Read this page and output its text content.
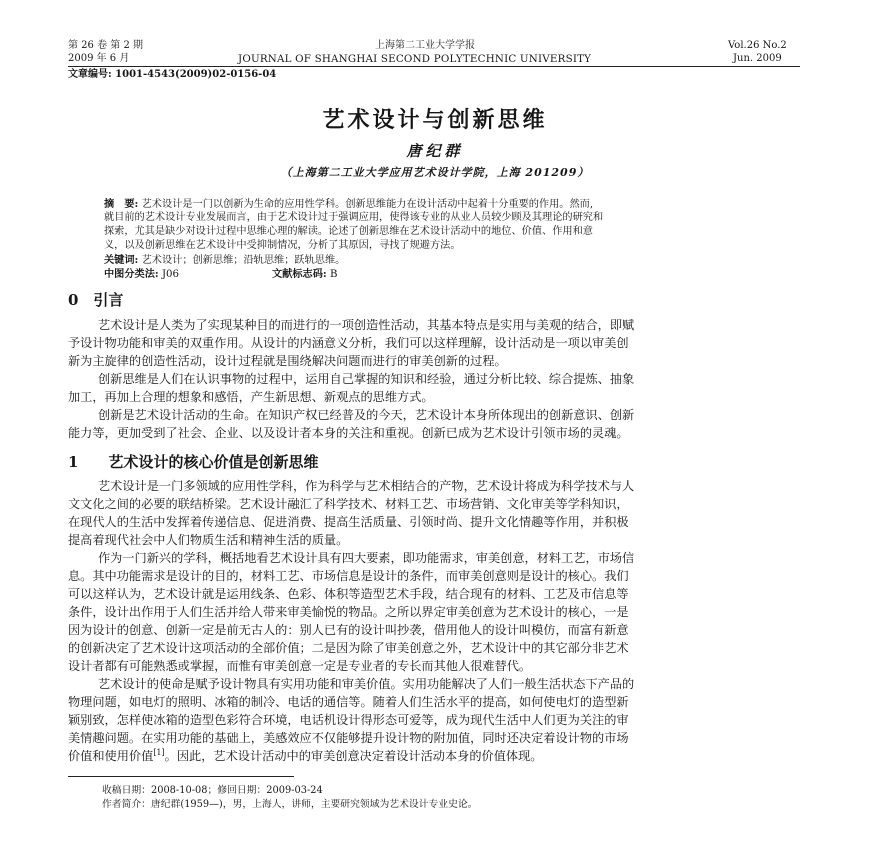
第 26 卷 第 2 期
2009 年 6 月
上海第二工业大学学报
JOURNAL OF SHANGHAI SECOND POLYTECHNIC UNIVERSITY
Vol.26 No.2
Jun. 2009
文章编号: 1001-4543(2009)02-0156-04
艺术设计与创新思维
唐纪群
（上海第二工业大学应用艺术设计学院，上海 201209）
摘　要: 艺术设计是一门以创新为生命的应用性学科。创新思维能力在设计活动中起着十分重要的作用。然而,
就目前的艺术设计专业发展而言，由于艺术设计过于强调应用，使得该专业的从业人员较少顾及其理论的研究和
探索，尤其是缺少对设计过程中思维心理的解读。论述了创新思维在艺术设计活动中的地位、价值、作用和意
义，以及创新思维在艺术设计中受抑制情况，分析了其原因，寻找了规避方法。
关键词: 艺术设计；创新思维；沿轨思维；跃轨思维。
中图分类法: J06	文献标志码: B
0　引言
艺术设计是人类为了实现某种目的而进行的一项创造性活动，其基本特点是实用与美观的结合，即赋
予设计物功能和审美的双重作用。从设计的内涵意义分析，我们可以这样理解，设计活动是一项以审美创
新为主旋律的创造性活动，设计过程就是围绕解决问题而进行的审美创新的过程。
创新思维是人们在认识事物的过程中，运用自己掌握的知识和经验，通过分析比较、综合提炼、抽象
加工，再加上合理的想象和感悟，产生新思想、新观点的思维方式。
创新是艺术设计活动的生命。在知识产权已经普及的今天，艺术设计本身所体现出的创新意识、创新
能力等，更加受到了社会、企业、以及设计者本身的关注和重视。创新已成为艺术设计引领市场的灵魂。
1　　艺术设计的核心价值是创新思维
艺术设计是一门多领域的应用性学科，作为科学与艺术相结合的产物，艺术设计将成为科学技术与人
文文化之间的必要的联结桥梁。艺术设计融汇了科学技术、材料工艺、市场营销、文化审美等学科知识，
在现代人的生活中发挥着传递信息、促进消费、提高生活质量、引领时尚、提升文化情趣等作用，并积极
提高着现代社会中人们物质生活和精神生活的质量。
作为一门新兴的学科，概括地看艺术设计具有四大要素，即功能需求，审美创意，材料工艺，市场信
息。其中功能需求是设计的目的，材料工艺、市场信息是设计的条件，而审美创意则是设计的核心。我们
可以这样认为，艺术设计就是运用线条、色彩、体积等造型艺术手段，结合现有的材料、工艺及市信息等
条件，设计出作用于人们生活并给人带来审美愉悦的物品。之所以界定审美创意为艺术设计的核心，一是
因为设计的创意、创新一定是前无古人的：别人已有的设计叫抄袭，借用他人的设计叫模仿，而富有新意
的创新决定了艺术设计这项活动的全部价值；二是因为除了审美创意之外，艺术设计中的其它部分非艺术
设计者都有可能熟悉或掌握，而惟有审美创意一定是专业者的专长而其他人很难替代。
艺术设计的使命是赋予设计物具有实用功能和审美价值。实用功能解决了人们一般生活状态下产品的
物理问题，如电灯的照明、冰箱的制冷、电话的通信等。随着人们生活水平的提高，如何使电灯的造型新
颖别致，怎样使冰箱的造型色彩符合环境，电话机设计得形态可爱等，成为现代生活中人们更为关注的审
美情趣问题。在实用功能的基础上，美感效应不仅能够提升设计物的附加值，同时还决定着设计物的市场
价值和使用价值[1]。因此，艺术设计活动中的审美创意决定着设计活动本身的价值体现。
收稿日期：2008-10-08；修回日期：2009-03-24
作者简介：唐纪群(1959—)，男，上海人，讲师，主要研究领域为艺术设计专业史论。
